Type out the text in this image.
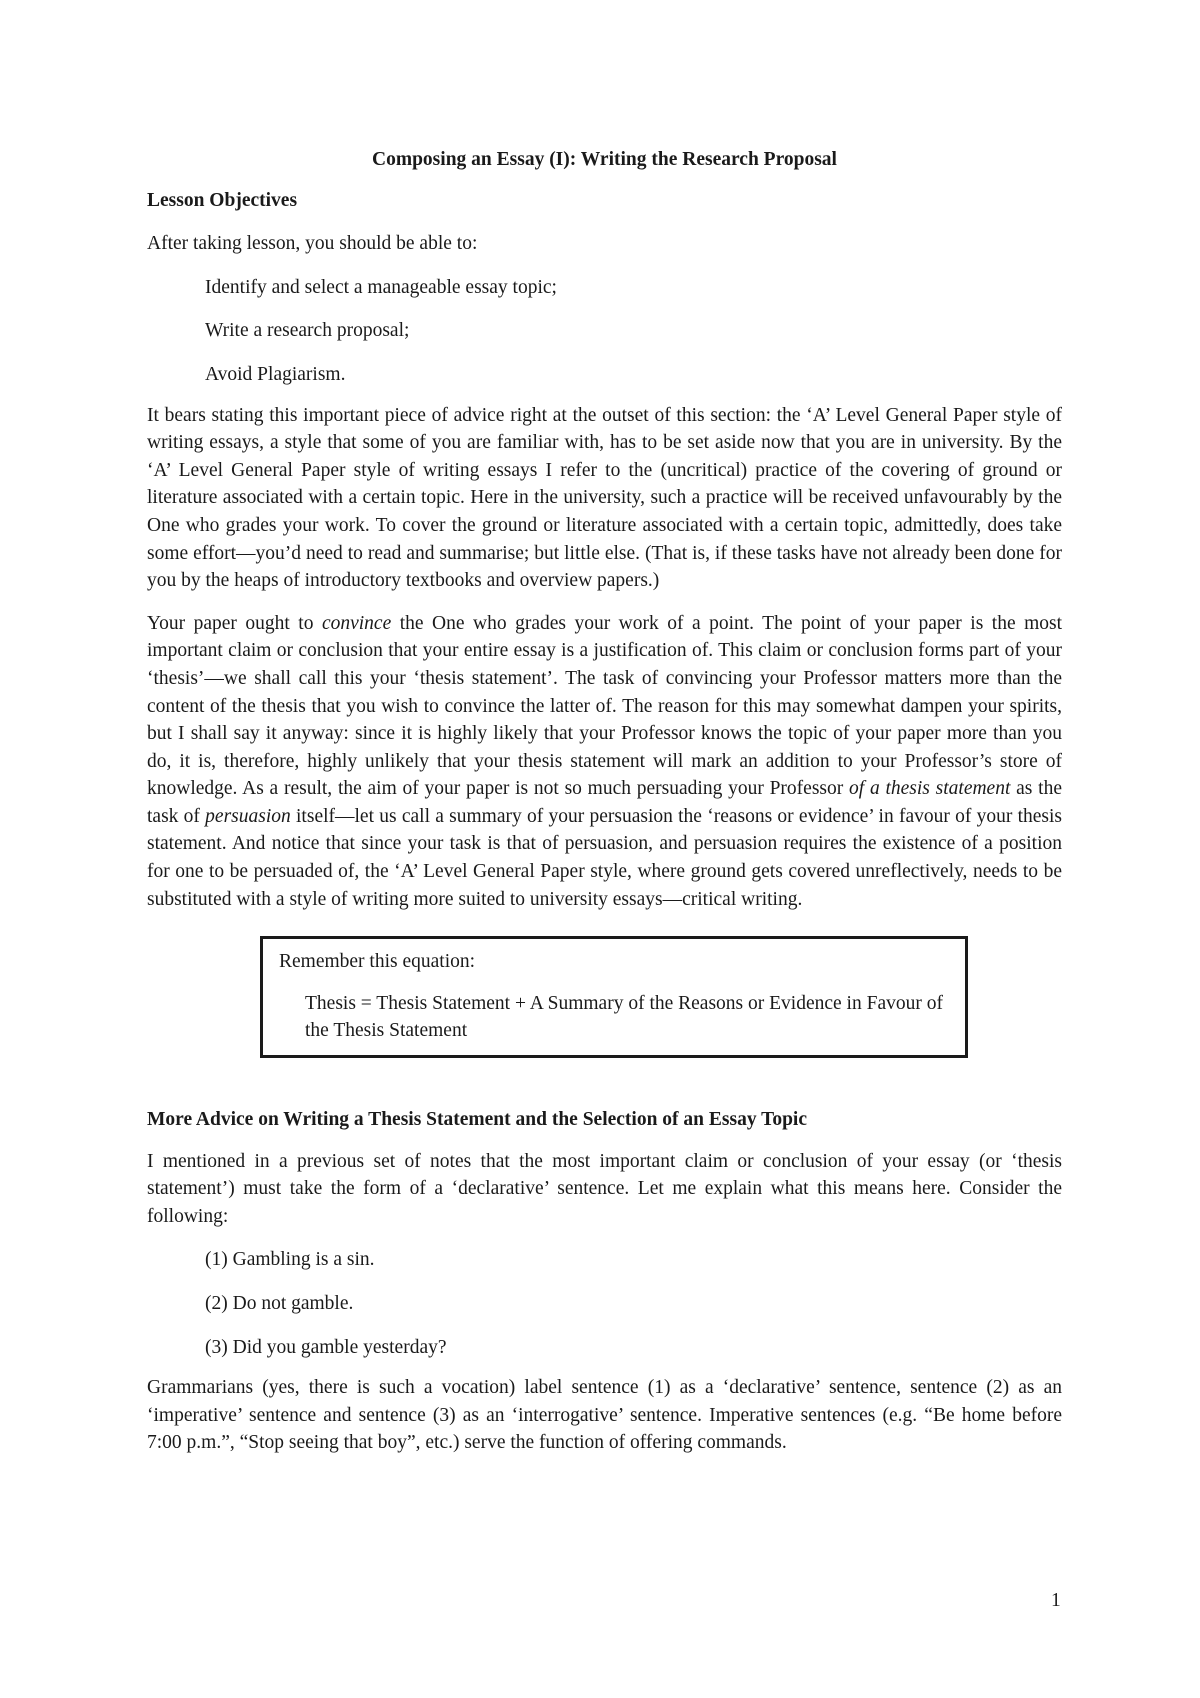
Composing an Essay (I): Writing the Research Proposal
Lesson Objectives
After taking lesson, you should be able to:
Identify and select a manageable essay topic;
Write a research proposal;
Avoid Plagiarism.
It bears stating this important piece of advice right at the outset of this section: the ‘A’ Level General Paper style of writing essays, a style that some of you are familiar with, has to be set aside now that you are in university. By the ‘A’ Level General Paper style of writing essays I refer to the (uncritical) practice of the covering of ground or literature associated with a certain topic. Here in the university, such a practice will be received unfavourably by the One who grades your work. To cover the ground or literature associated with a certain topic, admittedly, does take some effort—you’d need to read and summarise; but little else. (That is, if these tasks have not already been done for you by the heaps of introductory textbooks and overview papers.)
Your paper ought to convince the One who grades your work of a point. The point of your paper is the most important claim or conclusion that your entire essay is a justification of. This claim or conclusion forms part of your ‘thesis’—we shall call this your ‘thesis statement’. The task of convincing your Professor matters more than the content of the thesis that you wish to convince the latter of. The reason for this may somewhat dampen your spirits, but I shall say it anyway: since it is highly likely that your Professor knows the topic of your paper more than you do, it is, therefore, highly unlikely that your thesis statement will mark an addition to your Professor’s store of knowledge. As a result, the aim of your paper is not so much persuading your Professor of a thesis statement as the task of persuasion itself—let us call a summary of your persuasion the ‘reasons or evidence’ in favour of your thesis statement. And notice that since your task is that of persuasion, and persuasion requires the existence of a position for one to be persuaded of, the ‘A’ Level General Paper style, where ground gets covered unreflectively, needs to be substituted with a style of writing more suited to university essays—critical writing.
Remember this equation:
Thesis = Thesis Statement + A Summary of the Reasons or Evidence in Favour of the Thesis Statement
More Advice on Writing a Thesis Statement and the Selection of an Essay Topic
I mentioned in a previous set of notes that the most important claim or conclusion of your essay (or ‘thesis statement’) must take the form of a ‘declarative’ sentence. Let me explain what this means here. Consider the following:
(1) Gambling is a sin.
(2) Do not gamble.
(3) Did you gamble yesterday?
Grammarians (yes, there is such a vocation) label sentence (1) as a ‘declarative’ sentence, sentence (2) as an ‘imperative’ sentence and sentence (3) as an ‘interrogative’ sentence. Imperative sentences (e.g. “Be home before 7:00 p.m.”, “Stop seeing that boy”, etc.) serve the function of offering commands.
1
